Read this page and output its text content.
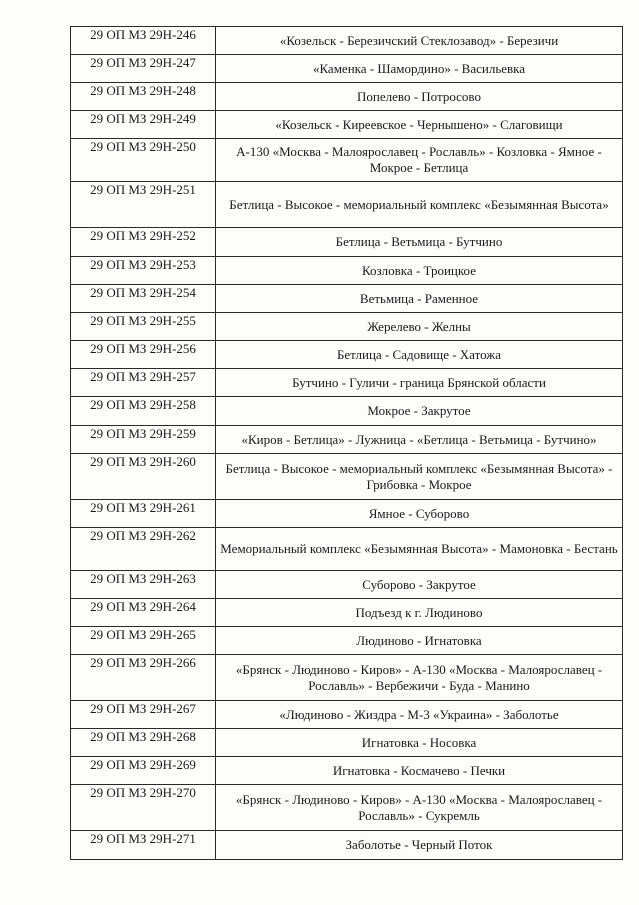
29 ОП МЗ 29Н-246	«Козельск - Березичский Стеклозавод» - Березичи
29 ОП МЗ 29Н-247	«Каменка - Шамордино» - Васильевка
29 ОП МЗ 29Н-248	Попелево - Потросово
29 ОП МЗ 29Н-249	«Козельск - Киреевское - Чернышено» - Слаговищи
29 ОП МЗ 29Н-250	А-130 «Москва - Малоярославец - Рославль» - Козловка - Ямное - Мокрое - Бетлица
29 ОП МЗ 29Н-251	Бетлица - Высокое - мемориальный комплекс «Безымянная Высота»
29 ОП МЗ 29Н-252	Бетлица - Ветьмица - Бутчино
29 ОП МЗ 29Н-253	Козловка - Троицкое
29 ОП МЗ 29Н-254	Ветьмица - Раменное
29 ОП МЗ 29Н-255	Жерелево - Желны
29 ОП МЗ 29Н-256	Бетлица - Садовище - Хатожа
29 ОП МЗ 29Н-257	Бутчино - Гуличи - граница Брянской области
29 ОП МЗ 29Н-258	Мокрое - Закрутое
29 ОП МЗ 29Н-259	«Киров - Бетлица» - Лужница - «Бетлица - Ветьмица - Бутчино»
29 ОП МЗ 29Н-260	Бетлица - Высокое - мемориальный комплекс «Безымянная Высота» - Грибовка - Мокрое
29 ОП МЗ 29Н-261	Ямное - Суборово
29 ОП МЗ 29Н-262	Мемориальный комплекс «Безымянная Высота» - Мамоновка - Бестань
29 ОП МЗ 29Н-263	Суборово - Закрутое
29 ОП МЗ 29Н-264	Подъезд к г. Людиново
29 ОП МЗ 29Н-265	Людиново - Игнатовка
29 ОП МЗ 29Н-266	«Брянск - Людиново - Киров» - А-130 «Москва - Малоярославец - Рославль» - Вербежичи - Буда - Манино
29 ОП МЗ 29Н-267	«Людиново - Жиздра - М-3 «Украина» - Заболотье
29 ОП МЗ 29Н-268	Игнатовка - Носовка
29 ОП МЗ 29Н-269	Игнатовка - Космачево - Печки
29 ОП МЗ 29Н-270	«Брянск - Людиново - Киров» - А-130 «Москва - Малоярославец - Рославль» - Сукремль
29 ОП МЗ 29Н-271	Заболотье - Черный Поток
